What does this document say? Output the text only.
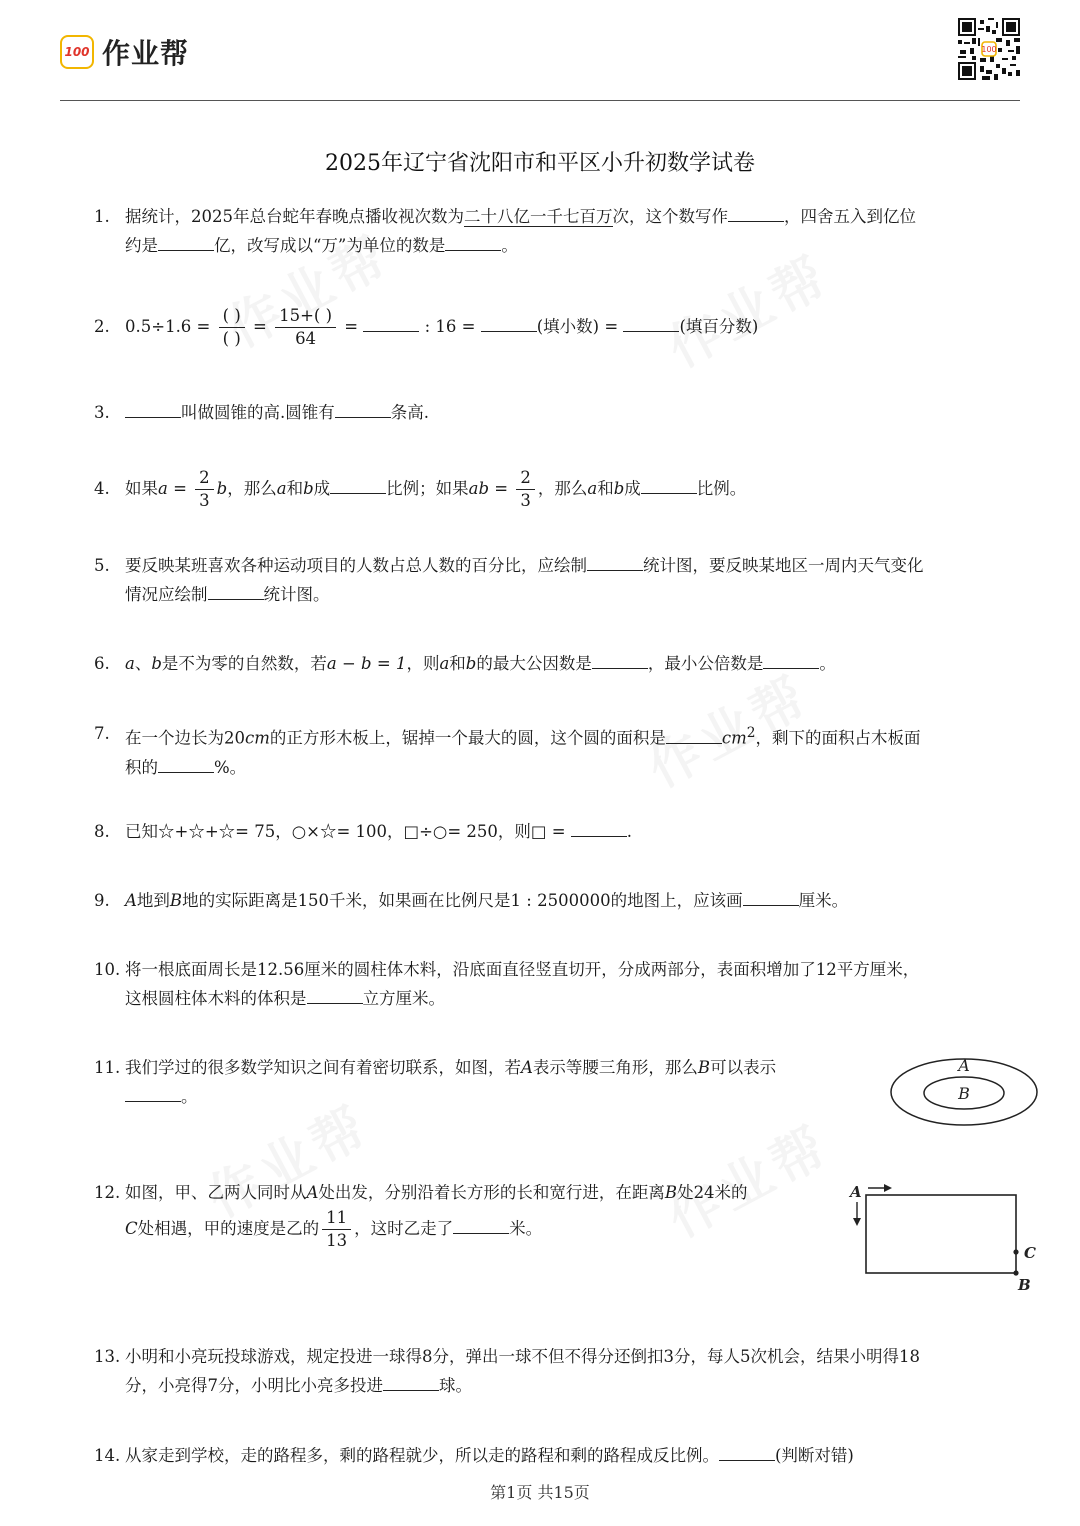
100 作业帮	100
2025年辽宁省沈阳市和平区小升初数学试卷
1. 据统计，2025年总台蛇年春晚点播收视次数为二十八亿一千七百万次，这个数写作	，四舍五入到亿位
约是	亿，改写成以“万”为单位的数是	。
2. $0.5\div 1.6 = \frac{( )}{( )} = \frac{15+( )}{64}$ =	: 16 =	(填小数) =	(填百分数)
3.	叫做圆锥的高.圆锥有	条高.
4. 如果$a = \frac{2}{3}$ b，那么a和b成	比例；如果ab = $\frac{2}{3}$ ，那么a和b成	比例。
5. 要反映某班喜欢各种运动项目的人数占总人数的百分比，应绘制	统计图，要反映某地区一周内天气变化
情况应绘制	统计图。
6. a、b是不为零的自然数，若a − b = 1，则a和b的最大公因数是	，最小公倍数是	。
7. 在一个边长为20cm的正方形木板上，锯掉一个最大的圆，这个圆的面积是	$cm^2$，剩下的面积占木板面
积的	%。
8. 已知☆+☆+☆= 75，○×☆= 100，□÷○= 250，则□ =	.
9. A地到B地的实际距离是150千米，如果画在比例尺是1 : 2500000的地图上，应该画	厘米。
10. 将一根底面周长是12.56厘米的圆柱体木料，沿底面直径竖直切开，分成两部分，表面积增加了12平方厘米，
这根圆柱体木料的体积是	立方厘米。
11. 我们学过的很多数学知识之间有着密切联系，如图，若A表示等腰三角形，那么B可以表示
。
A
B
12. 如图，甲、乙两人同时从A处出发，分别沿着长方形的长和宽行进，在距离B处24米的
C处相遇，甲的速度是乙的 $\frac{11}{13}$ ，这时乙走了	米。
A
C
B
13. 小明和小亮玩投球游戏，规定投进一球得8分，弹出一球不但不得分还倒扣3分，每人5次机会，结果小明得18
分，小亮得7分，小明比小亮多投进	球。
14. 从家走到学校，走的路程多，剩的路程就少，所以走的路程和剩的路程成反比例。	(判断对错)
第1页 共15页
